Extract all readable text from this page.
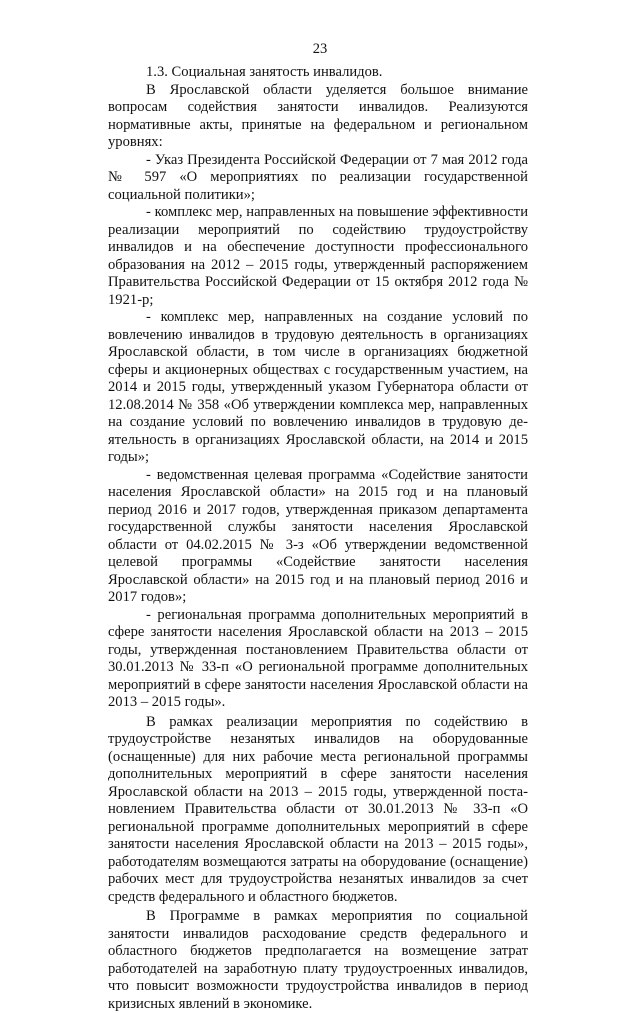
23

1.3. Социальная занятость инвалидов.

В Ярославской области уделяется большое внимание вопросам содействия занятости инвалидов. Реализуются нормативные акты, принятые на федеральном и региональном уровнях:

- Указ Президента Российской Федерации от 7 мая 2012 года № 597 «О мероприятиях по реализации государственной социальной политики»;

- комплекс мер, направленных на повышение эффективности реализации мероприятий по содействию трудоустройству инвалидов и на обеспечение доступности профессионального образования на 2012 – 2015 годы, утвержденный распоряжением Правительства Российской Федерации от 15 октября 2012 года № 1921-р;

- комплекс мер, направленных на создание условий по вовлечению инвалидов в трудовую деятельность в организациях Ярославской области, в том числе в организациях бюджетной сферы и акционерных обществах с государственным участием, на 2014 и 2015 годы, утвержденный указом Губернатора области от 12.08.2014 № 358 «Об утверждении комплекса мер, направленных на создание условий по вовлечению инвалидов в трудовую деятельность в организациях Ярославской области, на 2014 и 2015 годы»;

- ведомственная целевая программа «Содействие занятости населения Ярославской области» на 2015 год и на плановый период 2016 и 2017 годов, утвержденная приказом департамента государственной службы занятости населения Ярославской области от 04.02.2015 № 3-з «Об утверждении ведомственной целевой программы «Содействие занятости населения Ярославской области» на 2015 год и на плановый период 2016 и 2017 годов»;

- региональная программа дополнительных мероприятий в сфере занятости населения Ярославской области на 2013 – 2015 годы, утвержденная постановлением Правительства области от 30.01.2013 № 33-п «О региональной программе дополнительных мероприятий в сфере занятости населения Ярославской области на 2013 – 2015 годы».

В рамках реализации мероприятия по содействию в трудоустройстве незанятых инвалидов на оборудованные (оснащенные) для них рабочие места региональной программы дополнительных мероприятий в сфере занятости населения Ярославской области на 2013 – 2015 годы, утвержденной постановлением Правительства области от 30.01.2013 № 33-п «О региональной программе дополнительных мероприятий в сфере занятости населения Ярославской области на 2013 – 2015 годы», работодателям возмещаются затраты на оборудование (оснащение) рабочих мест для трудоустройства незанятых инвалидов за счет средств федерального и областного бюджетов.

В Программе в рамках мероприятия по социальной занятости инвалидов расходование средств федерального и областного бюджетов предполагается на возмещение затрат работодателей на заработную плату трудоустроенных инвалидов, что повысит возможности трудоустройства инвалидов в период кризисных явлений в экономике.
